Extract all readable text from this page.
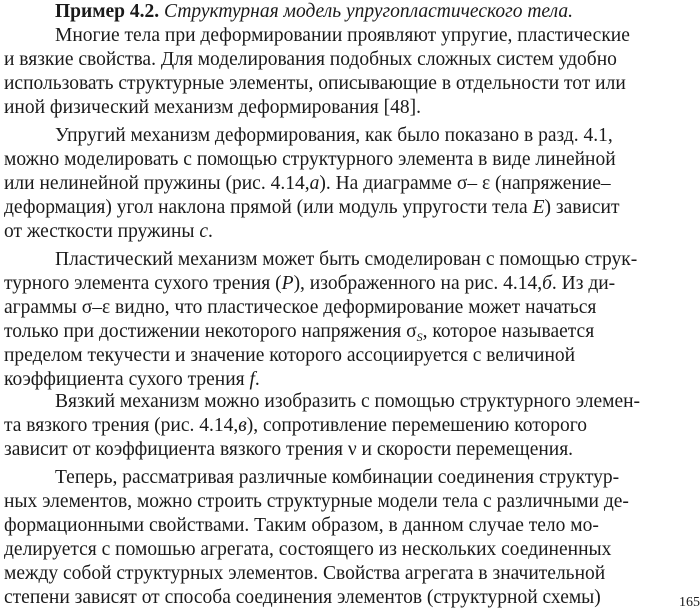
Пример 4.2. Структурная модель упругопластического тела.
Многие тела при деформировании проявляют упругие, пластические
и вязкие свойства. Для моделирования подобных сложных систем удобно
использовать структурные элементы, описывающие в отдельности тот или
иной физический механизм деформирования [48].
Упругий механизм деформирования, как было показано в разд. 4.1,
можно моделировать с помощью структурного элемента в виде линейной
или нелинейной пружины (рис. 4.14,а). На диаграмме σ– ε (напряжение–
деформация) угол наклона прямой (или модуль упругости тела E) зависит
от жесткости пружины с.
Пластический механизм может быть смоделирован с помощью струк-
турного элемента сухого трения (P), изображенного на рис. 4.14,б. Из ди-
аграммы σ–ε видно, что пластическое деформирование может начаться
только при достижении некоторого напряжения $\sigma_S$, которое называется
пределом текучести и значение которого ассоциируется с величиной
коэффициента сухого трения f.
Вязкий механизм можно изобразить с помощью структурного элемен-
та вязкого трения (рис. 4.14,в), сопротивление перемешению которого
зависит от коэффициента вязкого трения ν и скорости перемещения.
Теперь, рассматривая различные комбинации соединения структур-
ных элементов, можно строить структурные модели тела с различными де-
формационными свойствами. Таким образом, в данном случае тело мо-
делируется с помошью агрегата, состоящего из нескольких соединенных
между собой структурных элементов. Свойства агрегата в значительной
степени зависят от способа соединения элементов (структурной схемы)	165
